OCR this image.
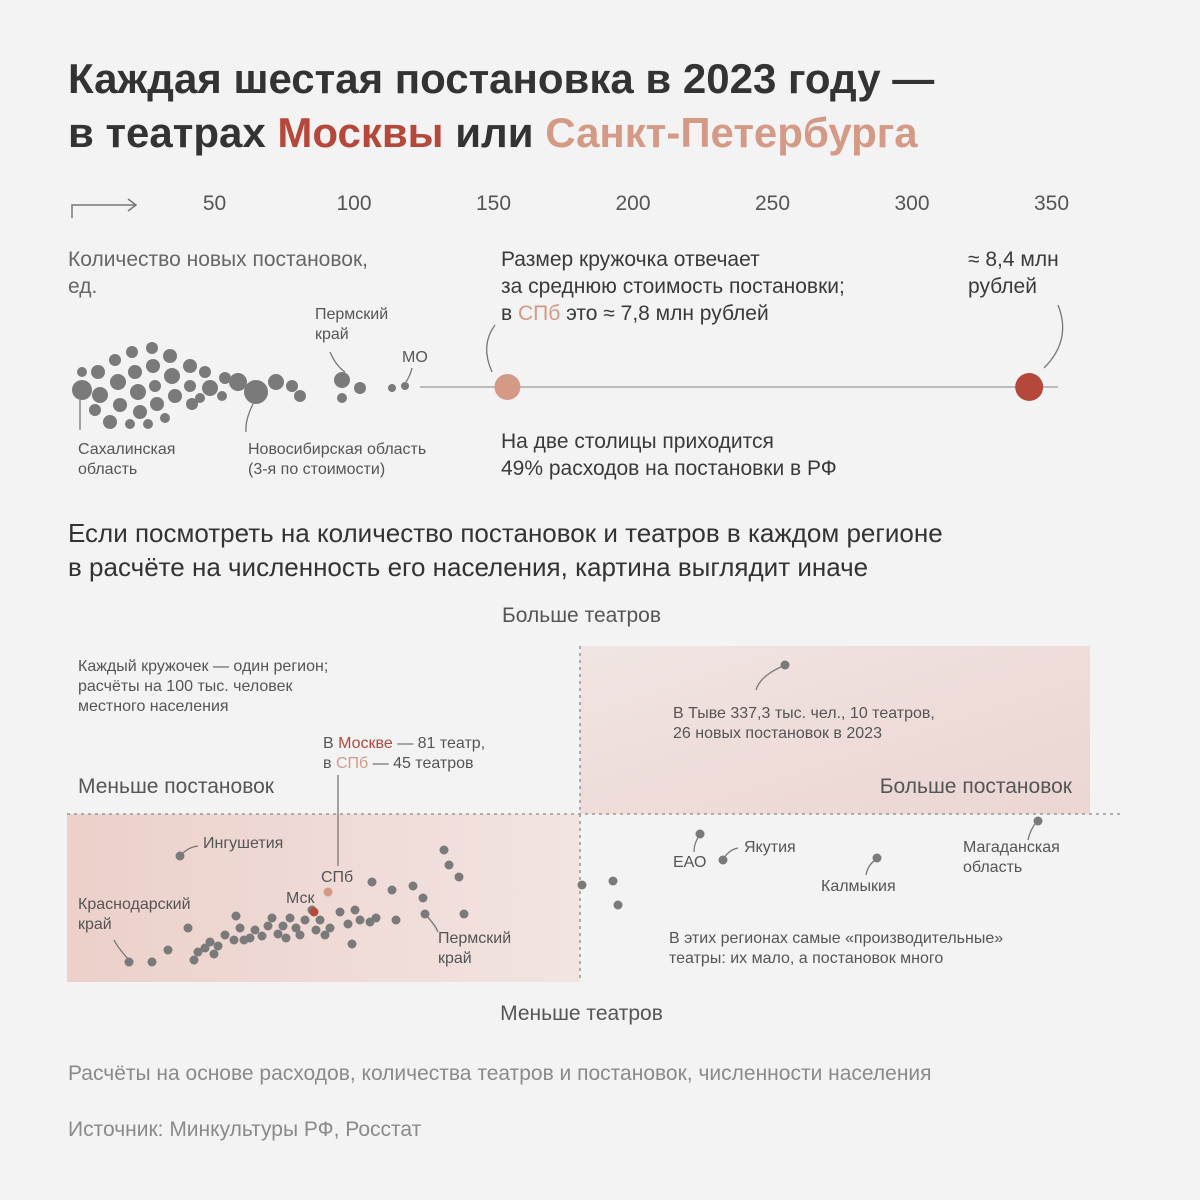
Каждая шестая постановка в 2023 году —
в театрах Москвы или Санкт-Петербурга
50	100	150	200	250	300	350
Количество новых постановок, ед.
Размер кружочка отвечает
за среднюю стоимость постановки;
в СПб это ≈ 7,8 млн рублей
≈ 8,4 млн
рублей
Пермский
край
МО
Сахалинская
область
Новосибирская область
(3-я по стоимости)
На две столицы приходится
49% расходов на постановки в РФ
Если посмотреть на количество постановок и театров в каждом регионе
в расчёте на численность его населения, картина выглядит иначе
Больше театров
Меньше театров
Меньше постановок	Больше постановок
Каждый кружочек — один регион;
расчёты на 100 тыс. человек
местного населения
В Москве — 81 театр,
в СПб — 45 театров
В Тыве 337,3 тыс. чел., 10 театров,
26 новых постановок в 2023
Ингушетия
Краснодарский
край
СПб
Мск
Пермский
край
ЕАО
Якутия
Калмыкия
Магаданская
область
В этих регионах самые «производительные»
театры: их мало, а постановок много
Расчёты на основе расходов, количества театров и постановок, численности населения
Источник: Минкультуры РФ, Росстат
